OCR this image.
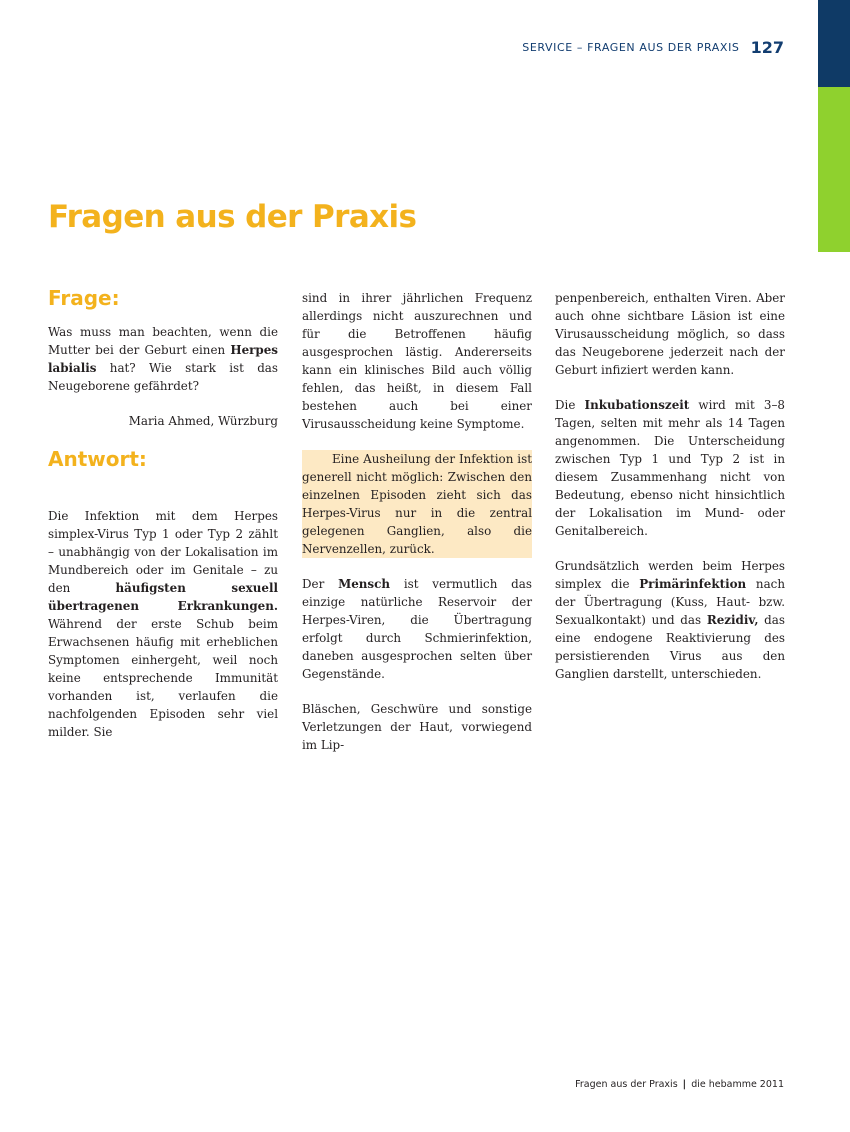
SERVICE – FRAGEN AUS DER PRAXIS 127
Fragen aus der Praxis
Frage:

Was muss man beachten, wenn die Mutter bei der Geburt einen Herpes labialis hat? Wie stark ist das Neugeborene gefährdet?

Maria Ahmed, Würzburg

Antwort:

Die Infektion mit dem Herpes simplex-Virus Typ 1 oder Typ 2 zählt – unabhängig von der Lokalisation im Mundbereich oder im Genitale – zu den häufigsten sexuell übertragenen Erkrankungen. Während der erste Schub beim Erwachsenen häufig mit erheblichen Symptomen einhergeht, weil noch keine entsprechende Immunität vorhanden ist, verlaufen die nachfolgenden Episoden sehr viel milder. Sie

sind in ihrer jährlichen Frequenz allerdings nicht auszurechnen und für die Betroffenen häufig ausgesprochen lästig. Andererseits kann ein klinisches Bild auch völlig fehlen, das heißt, in diesem Fall bestehen auch bei einer Virusausscheidung keine Symptome.

Eine Ausheilung der Infektion ist generell nicht möglich: Zwischen den einzelnen Episoden zieht sich das Herpes-Virus nur in die zentral gelegenen Ganglien, also die Nervenzellen, zurück.

Der Mensch ist vermutlich das einzige natürliche Reservoir der Herpes-Viren, die Übertragung erfolgt durch Schmierinfektion, daneben ausgesprochen selten über Gegenstände.

Bläschen, Geschwüre und sonstige Verletzungen der Haut, vorwiegend im Lip-

penpenbereich, enthalten Viren. Aber auch ohne sichtbare Läsion ist eine Virusausscheidung möglich, so dass das Neugeborene jederzeit nach der Geburt infiziert werden kann.

Die Inkubationszeit wird mit 3–8 Tagen, selten mit mehr als 14 Tagen angenommen. Die Unterscheidung zwischen Typ 1 und Typ 2 ist in diesem Zusammenhang nicht von Bedeutung, ebenso nicht hinsichtlich der Lokalisation im Mund- oder Genitalbereich.

Grundsätzlich werden beim Herpes simplex die Primärinfektion nach der Übertragung (Kuss, Haut- bzw. Sexualkontakt) und das Rezidiv, das eine endogene Reaktivierung des persistierenden Virus aus den Ganglien darstellt, unterschieden.

Fragen aus der Praxis | die hebamme 2011
